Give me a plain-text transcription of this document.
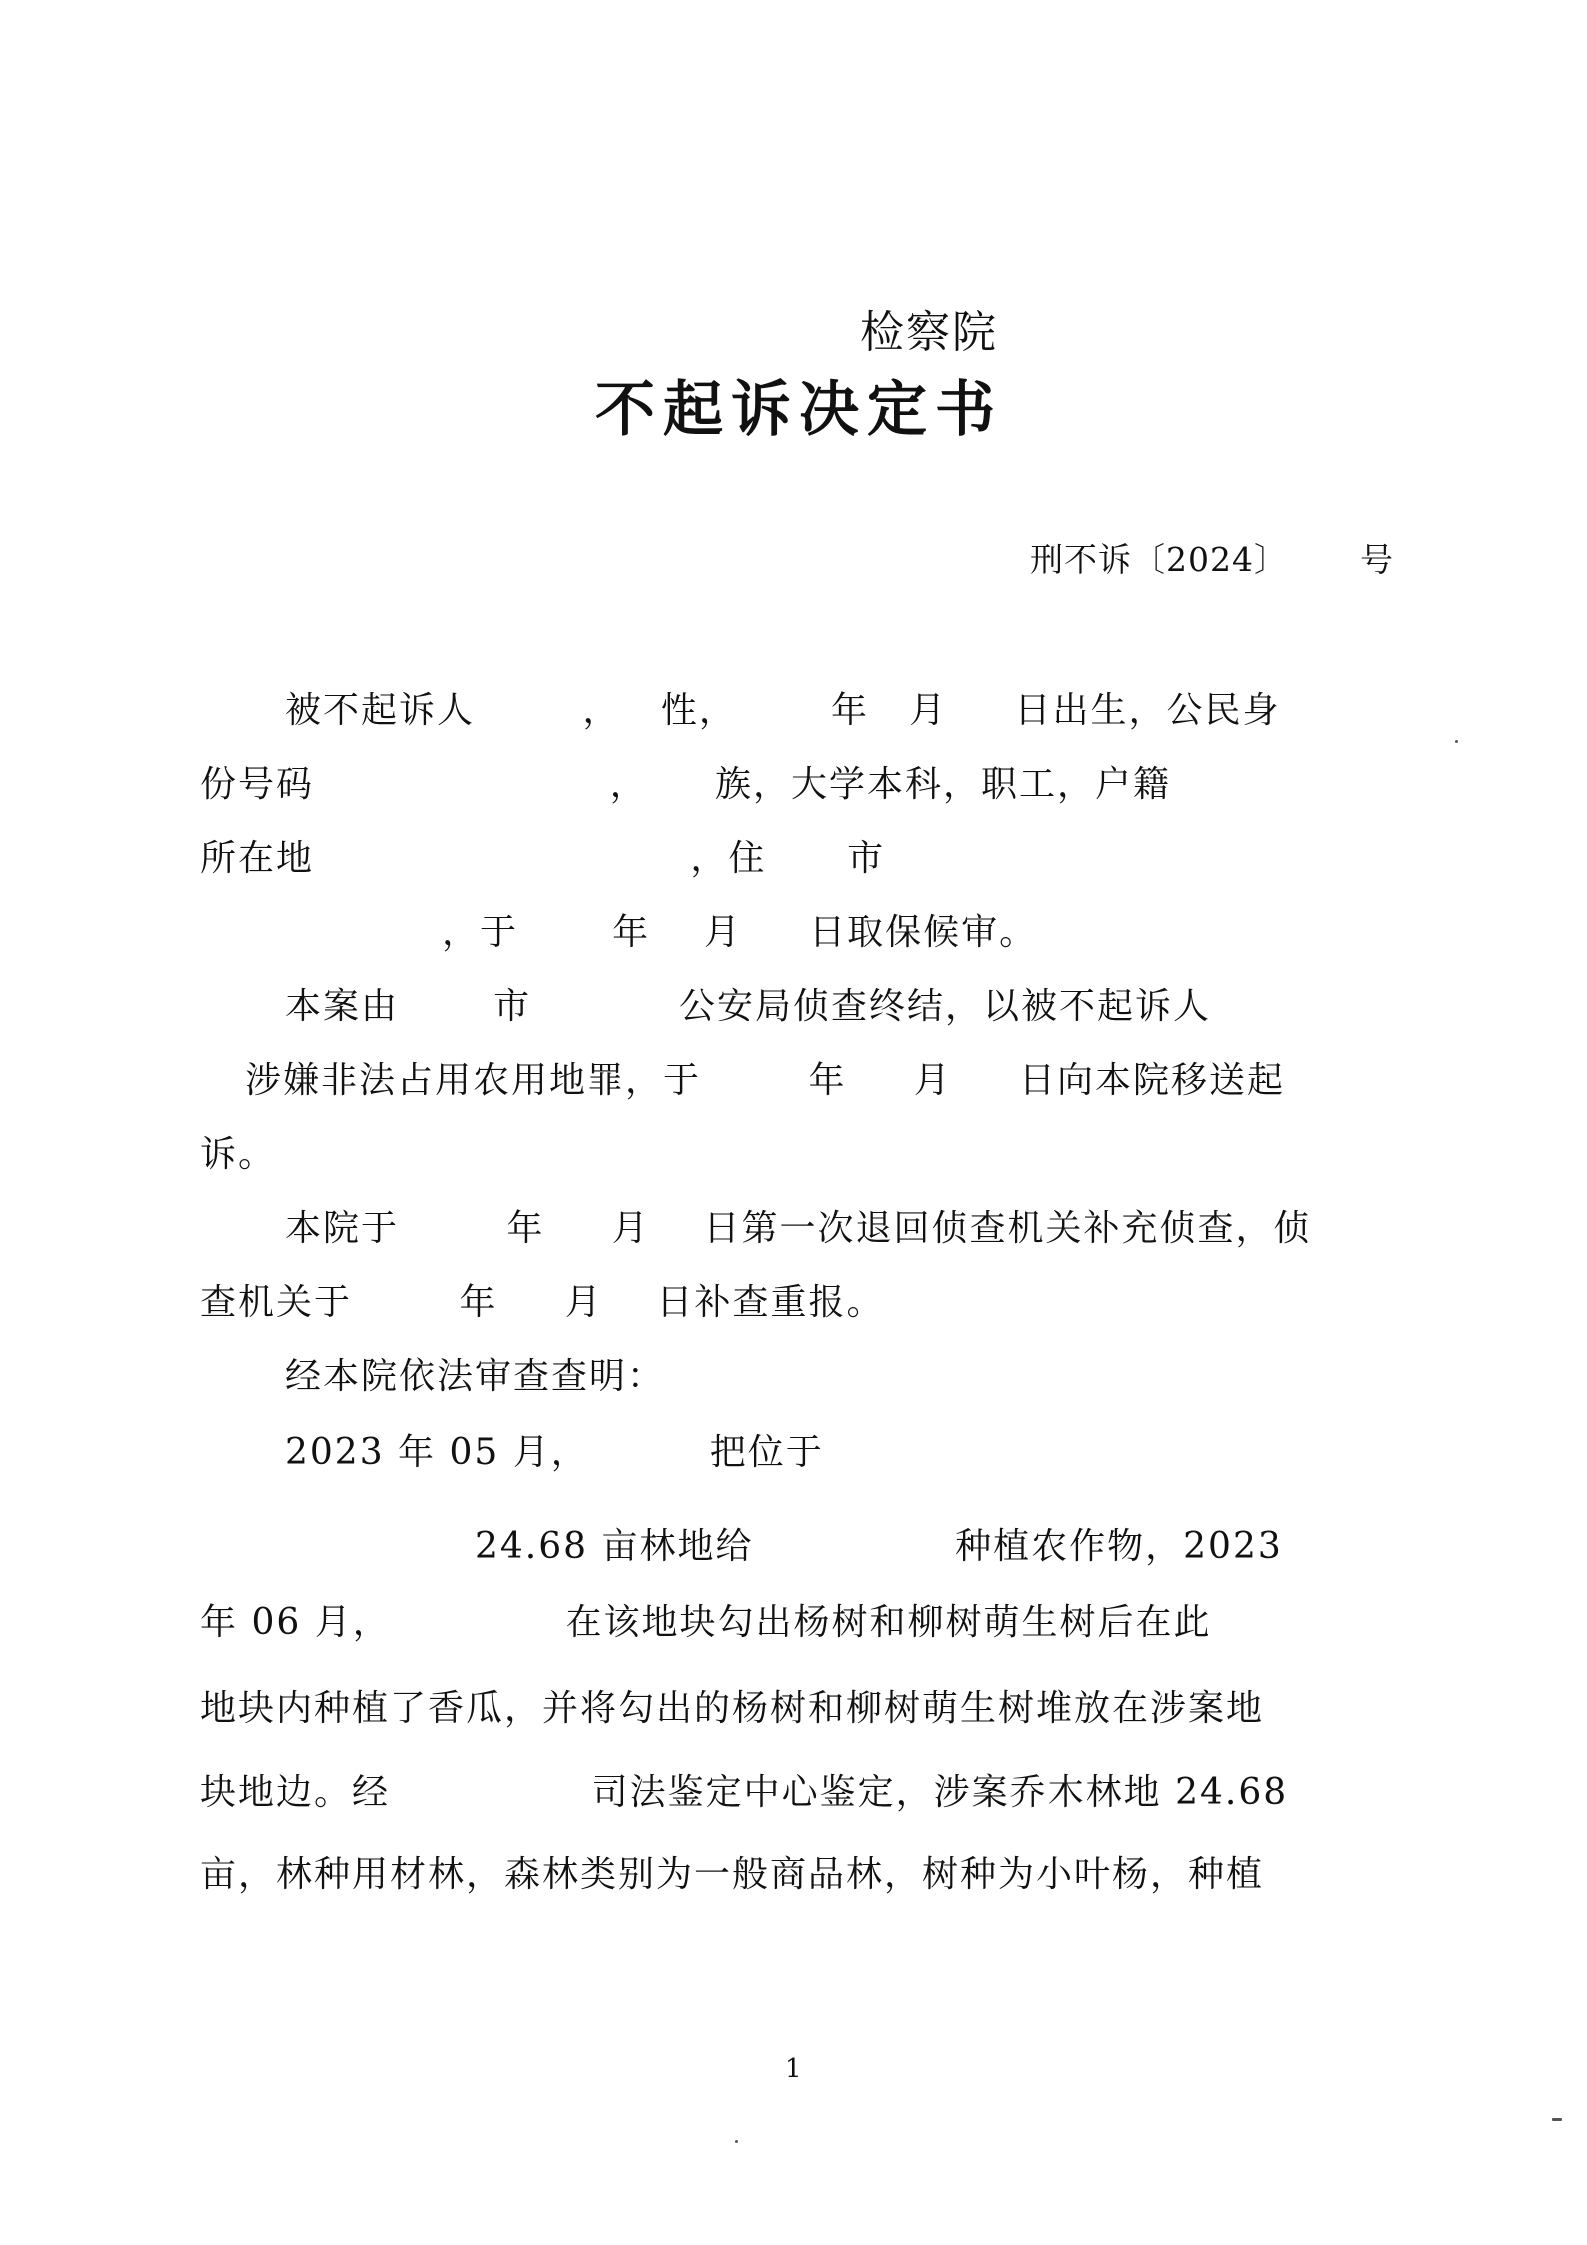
检察院
不起诉决定书
刑不诉〔2024〕 号
被不起诉人        ，   性，       年   月     日出生，公民身
份号码                      ，     族，大学本科，职工，户籍
所在地                            ，住      市
，于       年    月     日取保候审。
本案由       市           公安局侦查终结，以被不起诉人
涉嫌非法占用农用地罪，于        年     月     日向本院移送起
诉。
本院于        年     月    日第一次退回侦查机关补充侦查，侦
查机关于        年     月    日补查重报。
经本院依法审查查明：
2023 年 05 月，         把位于
24.68 亩林地给               种植农作物，2023
年 06 月，             在该地块勾出杨树和柳树萌生树后在此
地块内种植了香瓜，并将勾出的杨树和柳树萌生树堆放在涉案地
块地边。经               司法鉴定中心鉴定，涉案乔木林地 24.68
亩，林种用材林，森林类别为一般商品林，树种为小叶杨，种植
1
